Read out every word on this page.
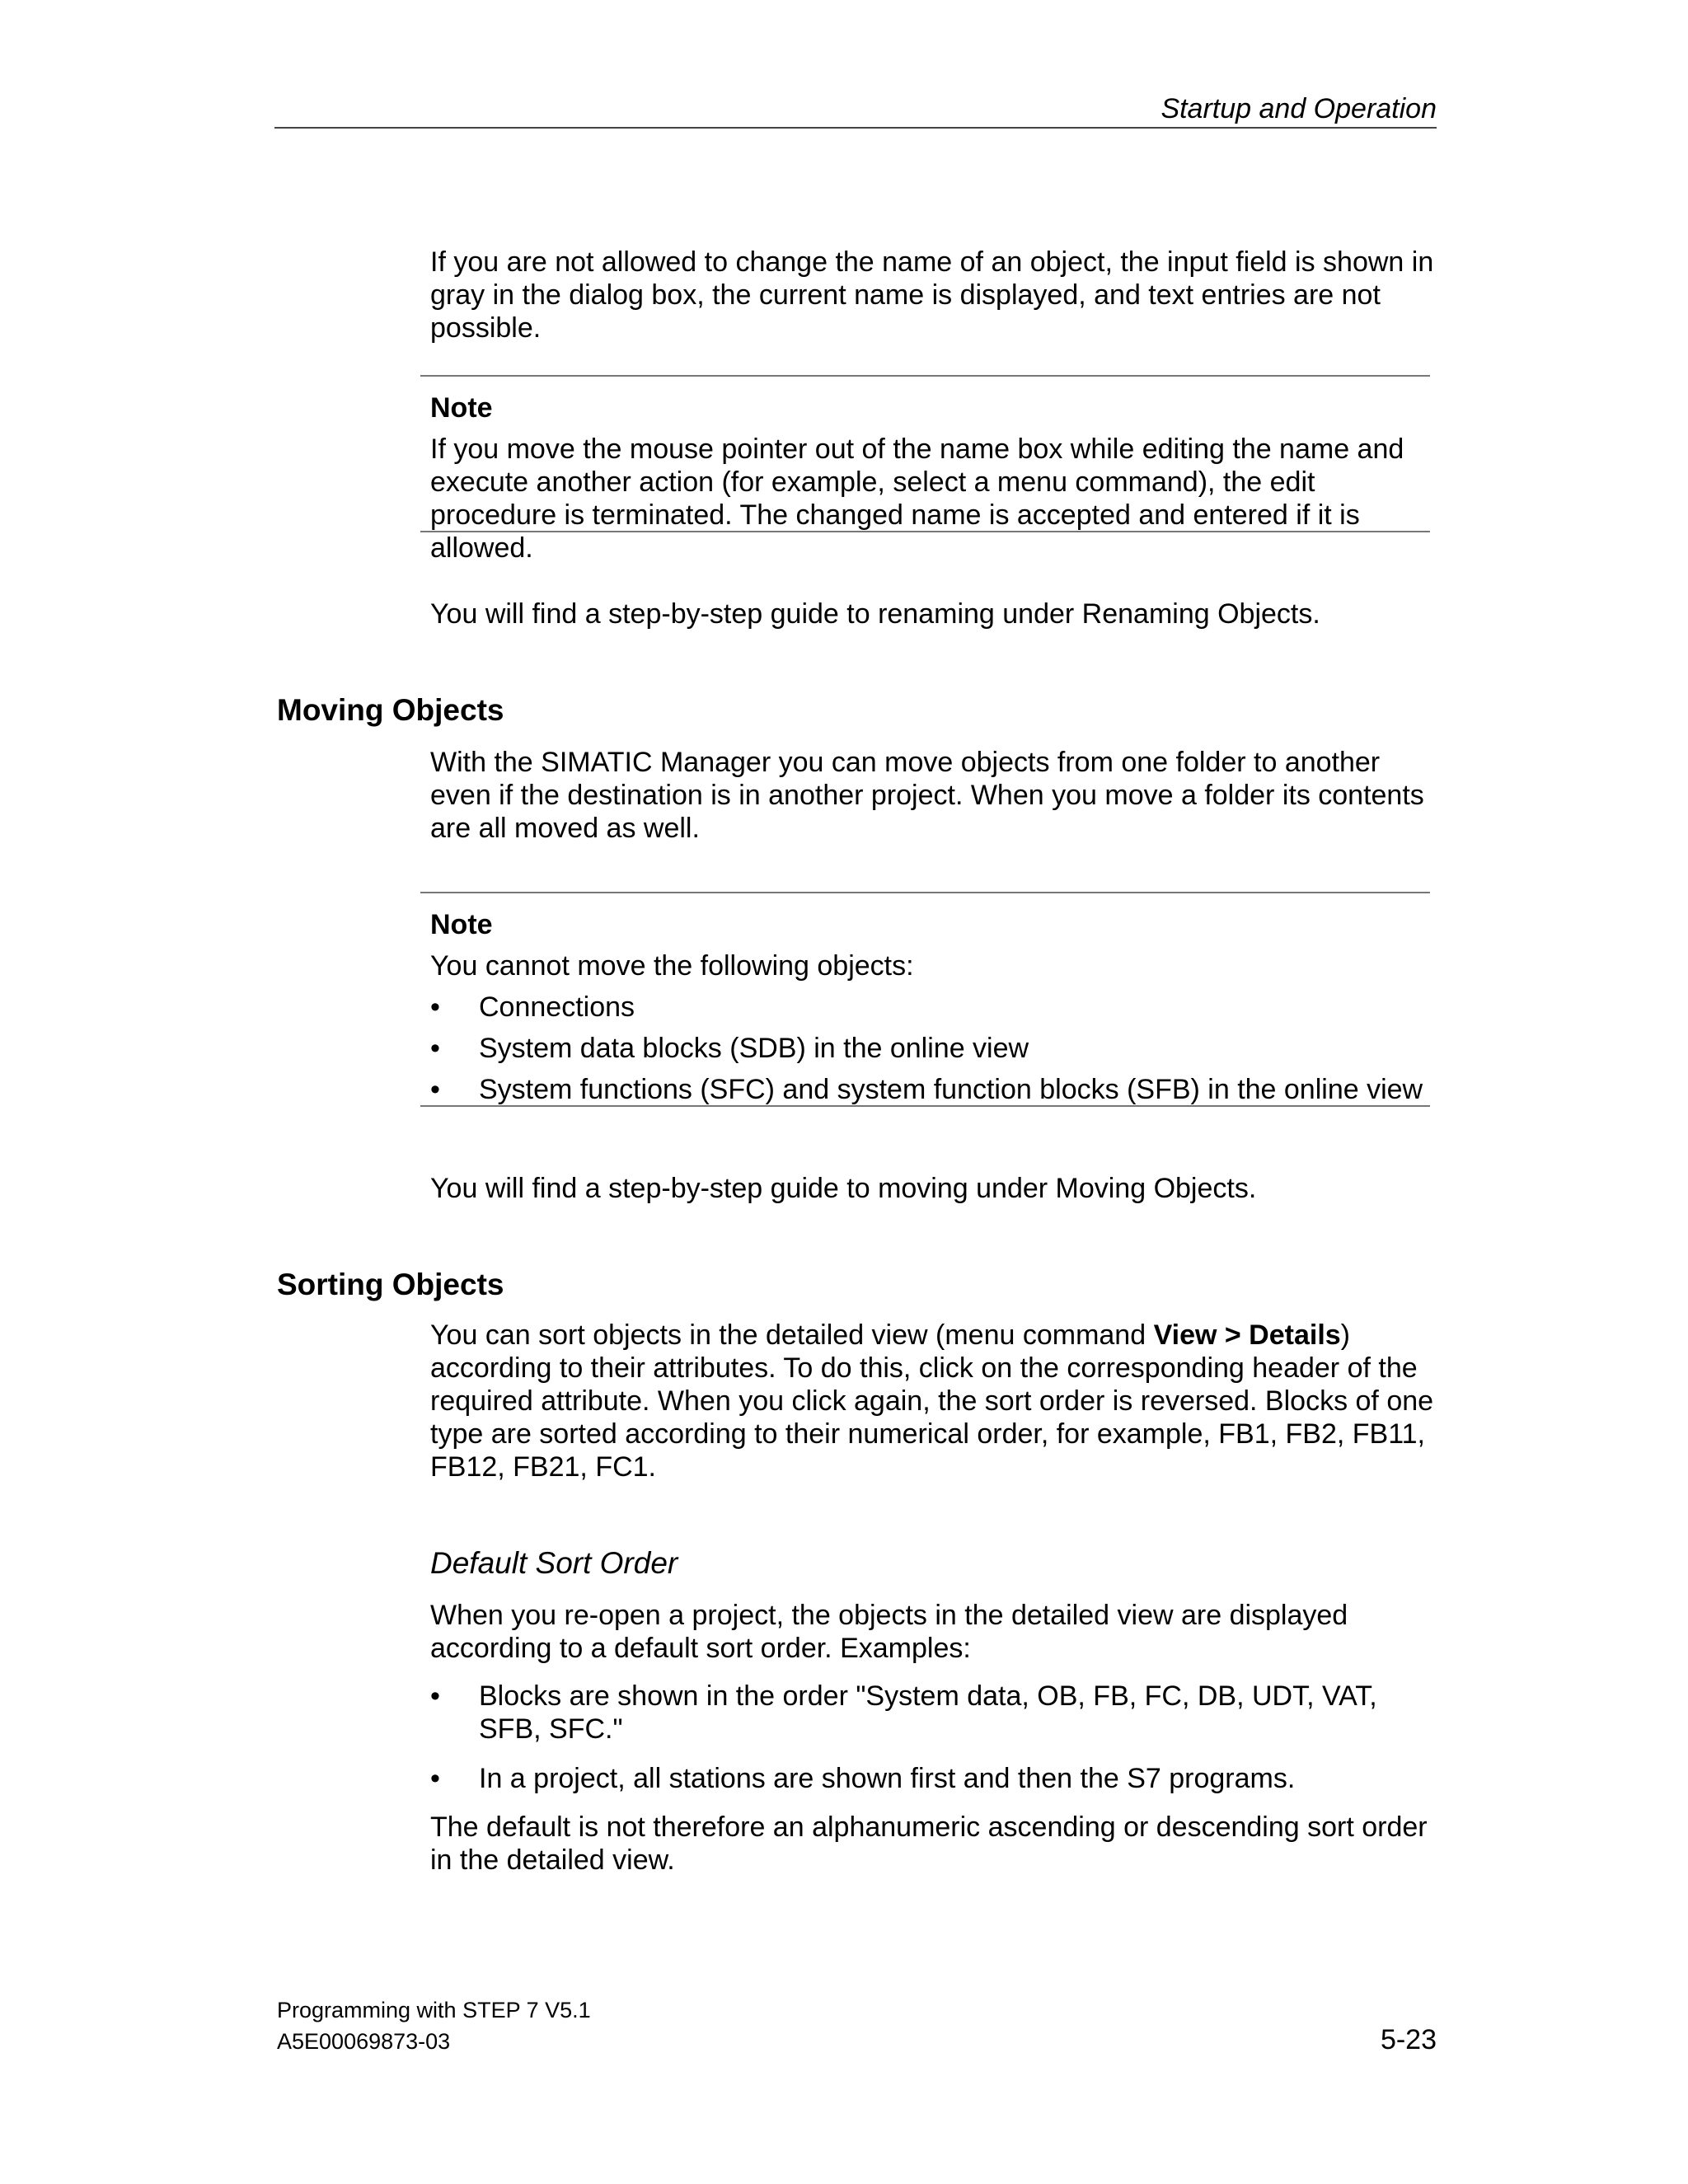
Startup and Operation

If you are not allowed to change the name of an object, the input field is shown in gray in the dialog box, the current name is displayed, and text entries are not possible.

Note

If you move the mouse pointer out of the name box while editing the name and execute another action (for example, select a menu command), the edit procedure is terminated. The changed name is accepted and entered if it is allowed.

You will find a step-by-step guide to renaming under Renaming Objects.

Moving Objects

With the SIMATIC Manager you can move objects from one folder to another even if the destination is in another project. When you move a folder its contents are all moved as well.

Note

You cannot move the following objects:

•	Connections
•	System data blocks (SDB) in the online view
•	System functions (SFC) and system function blocks (SFB) in the online view

You will find a step-by-step guide to moving under Moving Objects.

Sorting Objects

You can sort objects in the detailed view (menu command View > Details) according to their attributes. To do this, click on the corresponding header of the required attribute. When you click again, the sort order is reversed. Blocks of one type are sorted according to their numerical order, for example, FB1, FB2, FB11, FB12, FB21, FC1.

Default Sort Order

When you re-open a project, the objects in the detailed view are displayed according to a default sort order. Examples:

•	Blocks are shown in the order "System data, OB, FB, FC, DB, UDT, VAT, SFB, SFC."
•	In a project, all stations are shown first and then the S7 programs.

The default is not therefore an alphanumeric ascending or descending sort order in the detailed view.

Programming with STEP 7 V5.1
A5E00069873-03	5-23
